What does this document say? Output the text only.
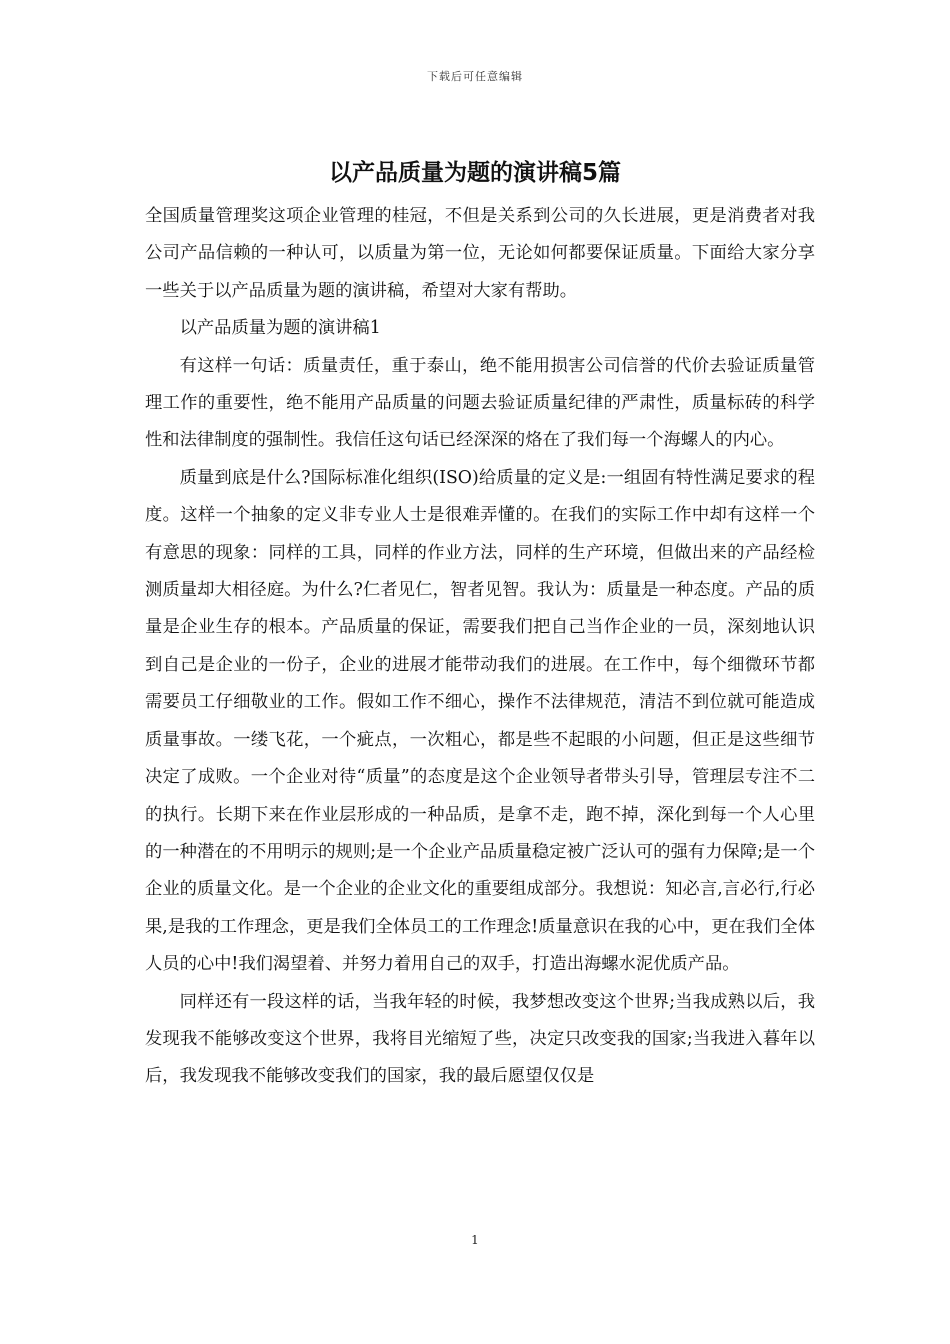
下载后可任意编辑
以产品质量为题的演讲稿5篇

全国质量管理奖这项企业管理的桂冠，不但是关系到公司的久长进展，更是消费者对我公司产品信赖的一种认可，以质量为第一位，无论如何都要保证质量。下面给大家分享一些关于以产品质量为题的演讲稿，希望对大家有帮助。

以产品质量为题的演讲稿1

有这样一句话：质量责任，重于泰山，绝不能用损害公司信誉的代价去验证质量管理工作的重要性，绝不能用产品质量的问题去验证质量纪律的严肃性，质量标砖的科学性和法律制度的强制性。我信任这句话已经深深的烙在了我们每一个海螺人的内心。

质量到底是什么?国际标准化组织(ISO)给质量的定义是:一组固有特性满足要求的程度。这样一个抽象的定义非专业人士是很难弄懂的。在我们的实际工作中却有这样一个有意思的现象：同样的工具，同样的作业方法，同样的生产环境，但做出来的产品经检测质量却大相径庭。为什么?仁者见仁，智者见智。我认为：质量是一种态度。产品的质量是企业生存的根本。产品质量的保证，需要我们把自己当作企业的一员，深刻地认识到自己是企业的一份子，企业的进展才能带动我们的进展。在工作中，每个细微环节都需要员工仔细敬业的工作。假如工作不细心，操作不法律规范，清洁不到位就可能造成质量事故。一缕飞花，一个疵点，一次粗心，都是些不起眼的小问题，但正是这些细节决定了成败。一个企业对待“质量”的态度是这个企业领导者带头引导，管理层专注不二的执行。长期下来在作业层形成的一种品质，是拿不走，跑不掉，深化到每一个人心里的一种潜在的不用明示的规则;是一个企业产品质量稳定被广泛认可的强有力保障;是一个企业的质量文化。是一个企业的企业文化的重要组成部分。我想说：知必言,言必行,行必果,是我的工作理念，更是我们全体员工的工作理念!质量意识在我的心中，更在我们全体人员的心中!我们渴望着、并努力着用自己的双手，打造出海螺水泥优质产品。

同样还有一段这样的话，当我年轻的时候，我梦想改变这个世界;当我成熟以后，我发现我不能够改变这个世界，我将目光缩短了些，决定只改变我的国家;当我进入暮年以后，我发现我不能够改变我们的国家，我的最后愿望仅仅是

1
